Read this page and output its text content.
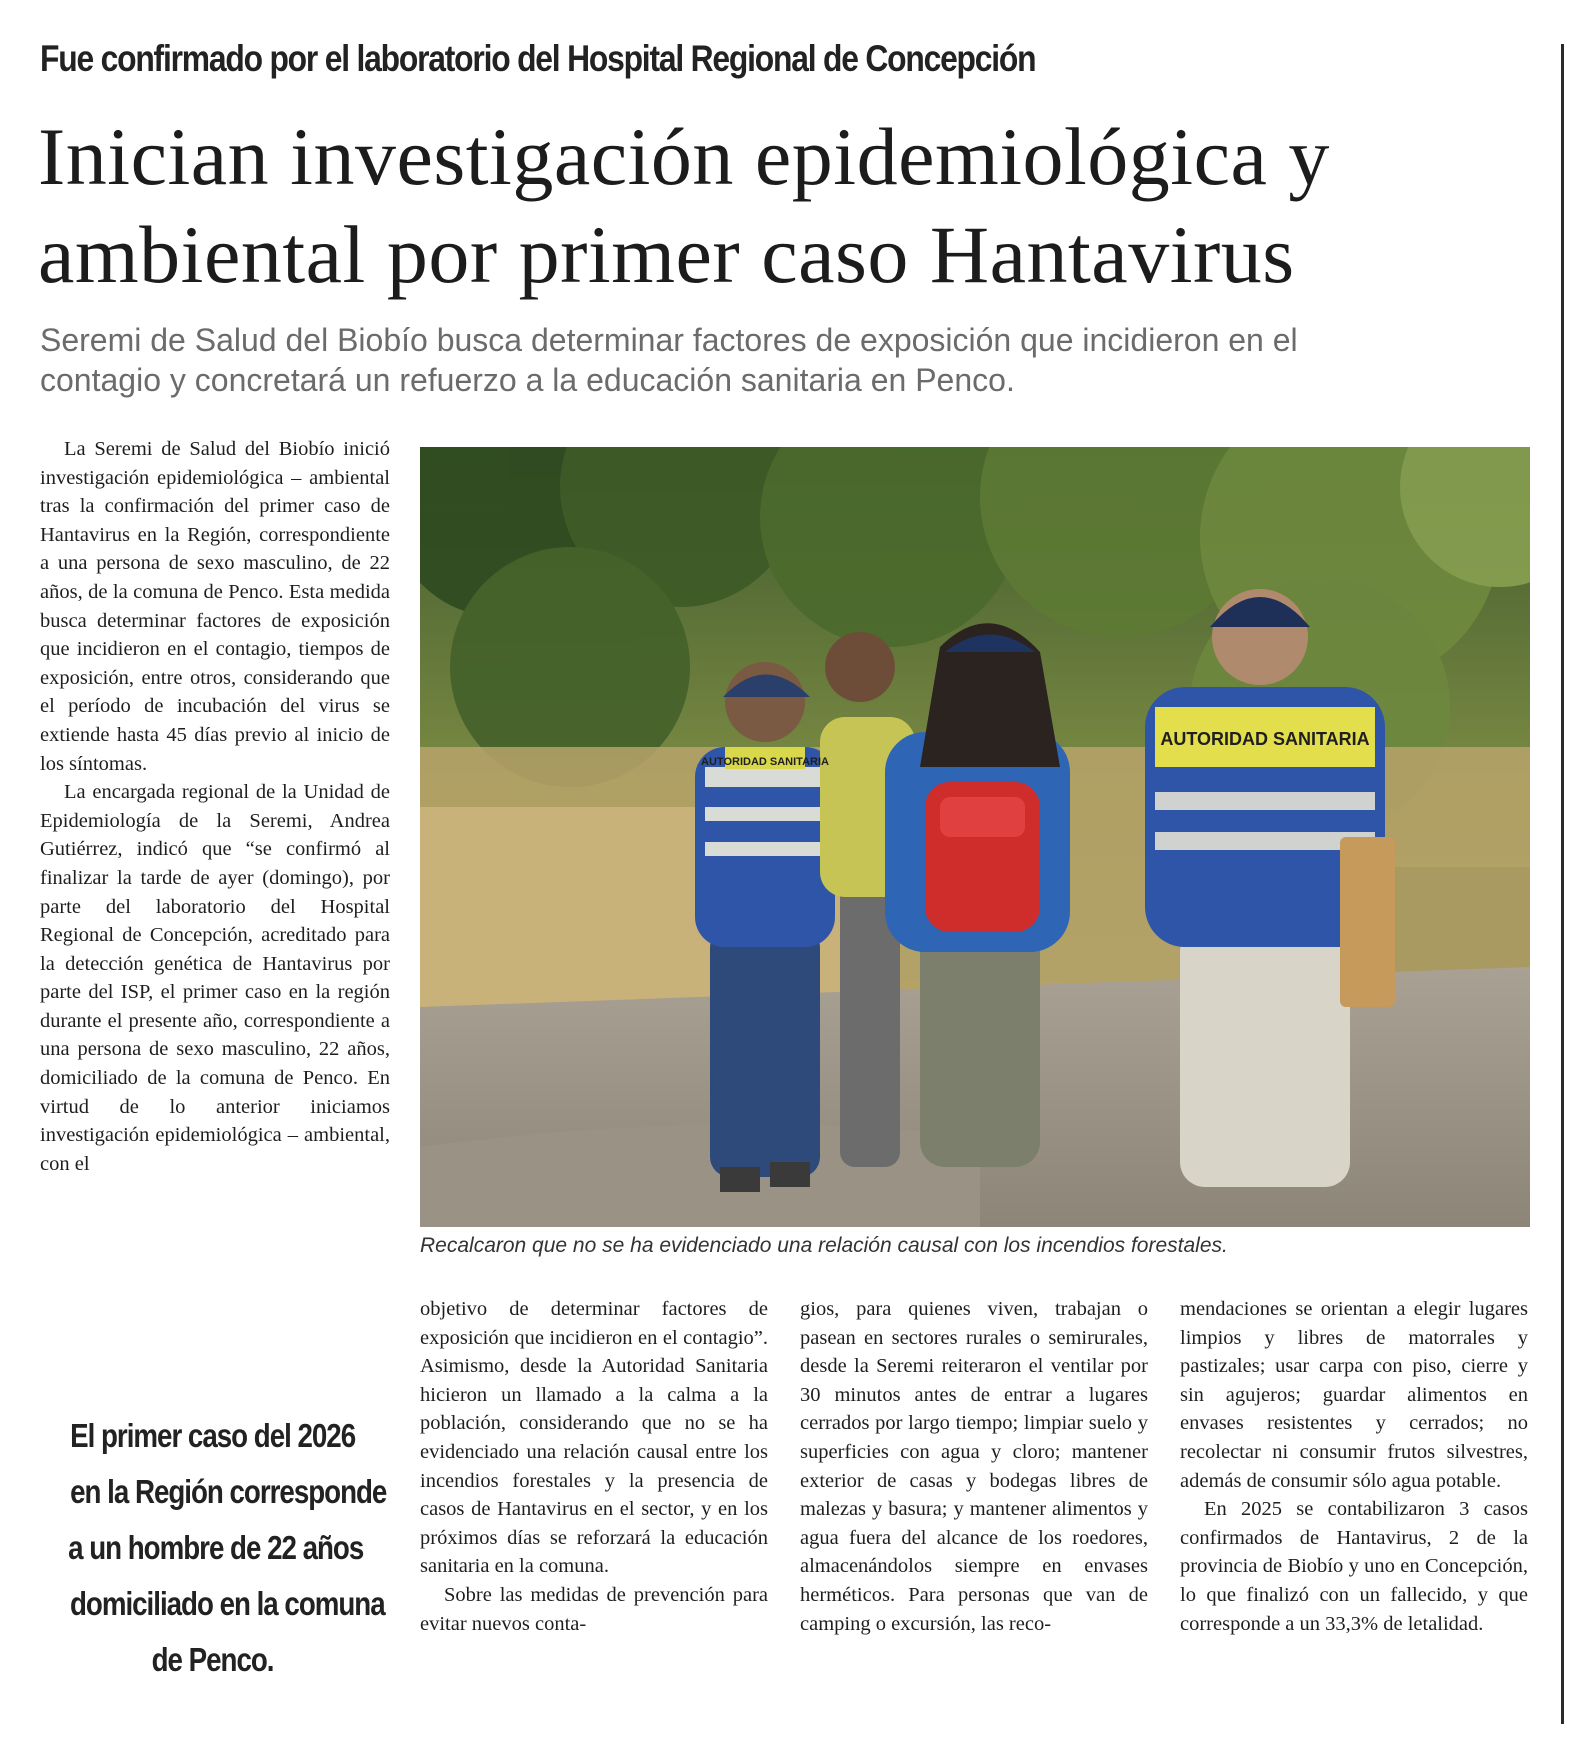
Fue confirmado por el laboratorio del Hospital Regional de Concepción
Inician investigación epidemiológica y
ambiental por primer caso Hantavirus
Seremi de Salud del Biobío busca determinar factores de exposición que incidieron en el
contagio y concretará un refuerzo a la educación sanitaria en Penco.

La Seremi de Salud del Biobío inició investigación epidemiológica – ambiental tras la confirmación del primer caso de Hantavirus en la Región, correspondiente a una persona de sexo masculino, de 22 años, de la comuna de Penco. Esta medida busca determinar factores de exposición que incidieron en el contagio, tiempos de exposición, entre otros, considerando que el período de incubación del virus se extiende hasta 45 días previo al inicio de los síntomas.

La encargada regional de la Unidad de Epidemiología de la Seremi, Andrea Gutiérrez, indicó que “se confirmó al finalizar la tarde de ayer (domingo), por parte del laboratorio del Hospital Regional de Concepción, acreditado para la detección genética de Hantavirus por parte del ISP, el primer caso en la región durante el presente año, correspondiente a una persona de sexo masculino, 22 años, domiciliado de la comuna de Penco. En virtud de lo anterior iniciamos investigación epidemiológica – ambiental, con el

AUTORIDAD SANITARIA
AUTORIDAD SANITARIA
Recalcaron que no se ha evidenciado una relación causal con los incendios forestales.

objetivo de determinar factores de exposición que incidieron en el contagio”. Asimismo, desde la Autoridad Sanitaria hicieron un llamado a la calma a la población, considerando que no se ha evidenciado una relación causal entre los incendios forestales y la presencia de casos de Hantavirus en el sector, y en los próximos días se reforzará la educación sanitaria en la comuna.

Sobre las medidas de prevención para evitar nuevos conta-

gios, para quienes viven, trabajan o pasean en sectores rurales o semirurales, desde la Seremi reiteraron el ventilar por 30 minutos antes de entrar a lugares cerrados por largo tiempo; limpiar suelo y superficies con agua y cloro; mantener exterior de casas y bodegas libres de malezas y basura; y mantener alimentos y agua fuera del alcance de los roedores, almacenándolos siempre en envases herméticos. Para personas que van de camping o excursión, las reco-

mendaciones se orientan a elegir lugares limpios y libres de matorrales y pastizales; usar carpa con piso, cierre y sin agujeros; guardar alimentos en envases resistentes y cerrados; no recolectar ni consumir frutos silvestres, además de consumir sólo agua potable.

En 2025 se contabilizaron 3 casos confirmados de Hantavirus, 2 de la provincia de Biobío y uno en Concepción, lo que finalizó con un fallecido, y que corresponde a un 33,3% de letalidad.

El primer caso del 2026
en la Región corresponde
a un hombre de 22 años
domiciliado en la comuna
de Penco.
